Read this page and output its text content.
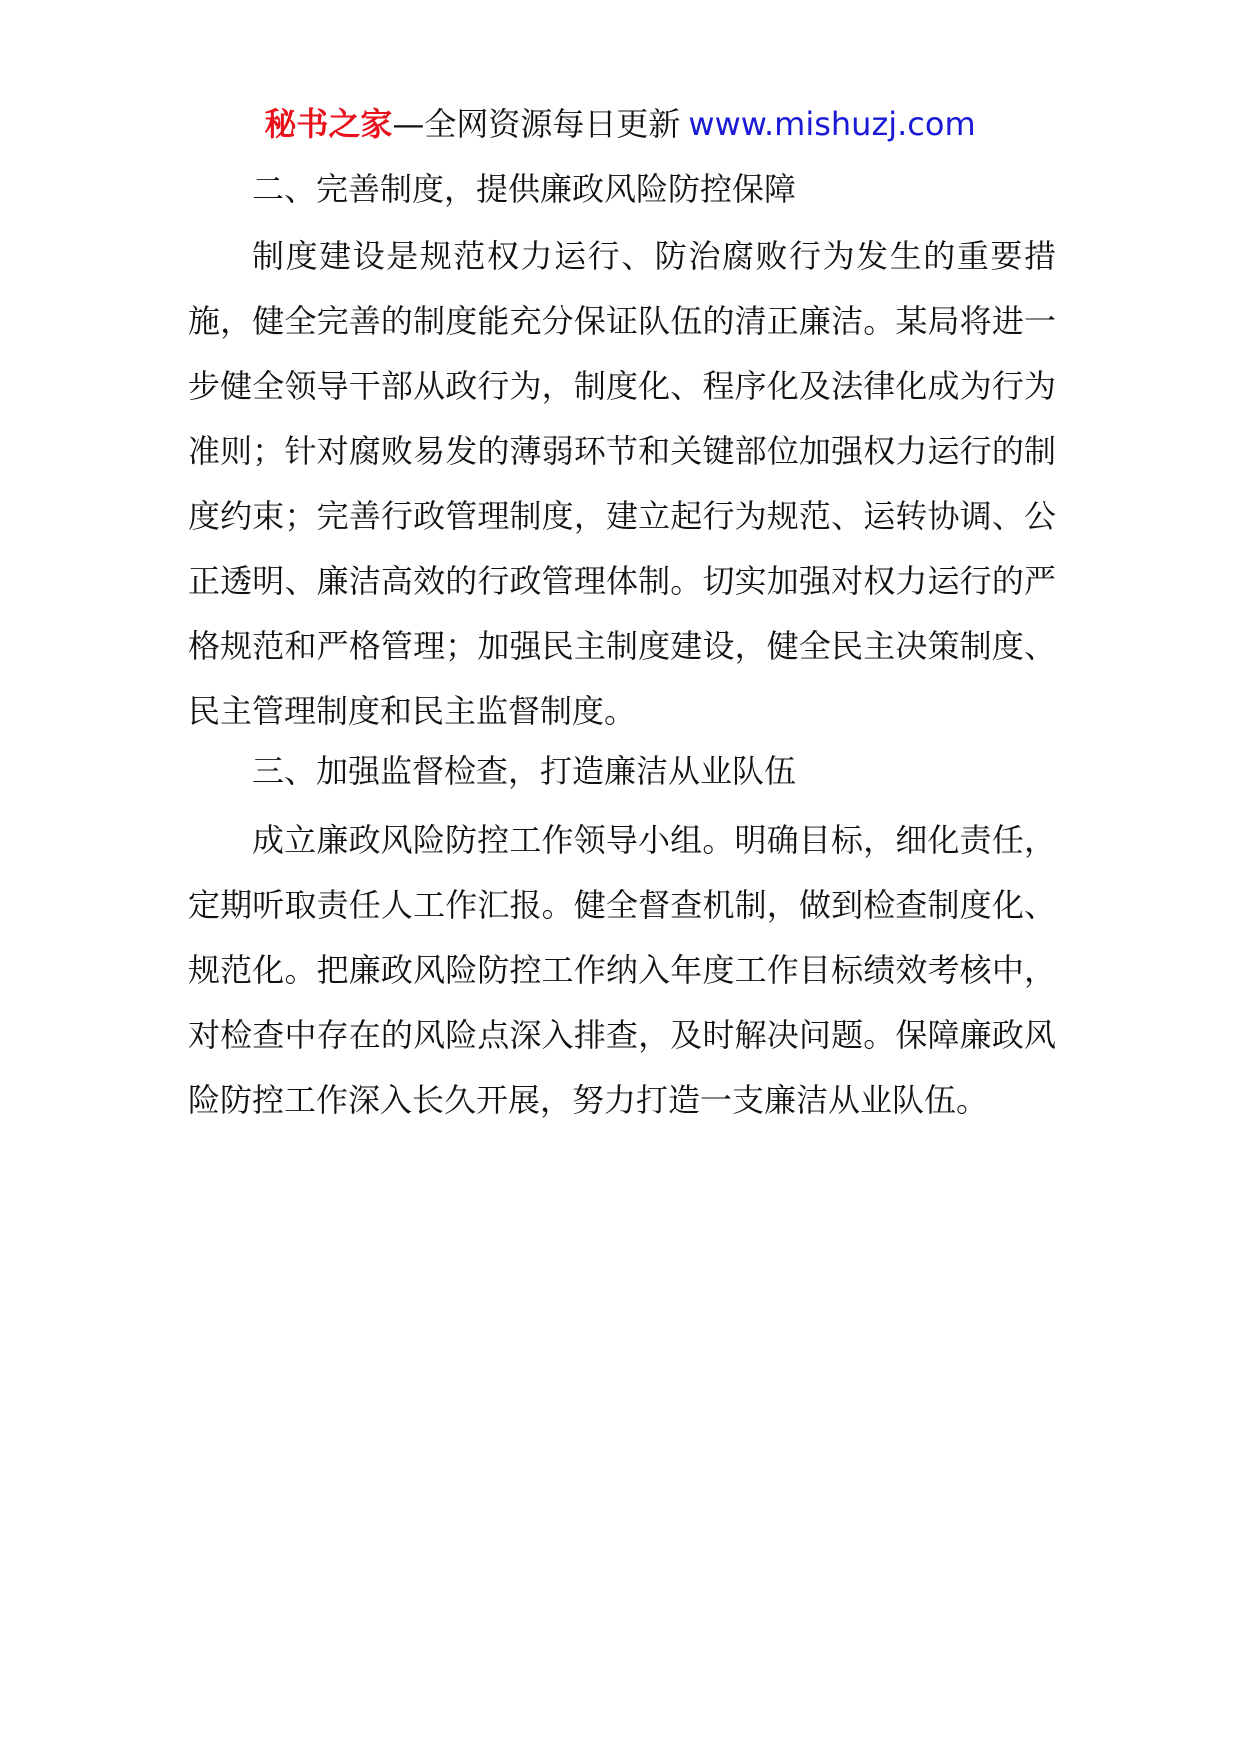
秘书之家—全网资源每日更新 www.mishuzj.com

二、完善制度，提供廉政风险防控保障

制度建设是规范权力运行、防治腐败行为发生的重要措施，健全完善的制度能充分保证队伍的清正廉洁。某局将进一步健全领导干部从政行为，制度化、程序化及法律化成为行为准则；针对腐败易发的薄弱环节和关键部位加强权力运行的制度约束；完善行政管理制度，建立起行为规范、运转协调、公正透明、廉洁高效的行政管理体制。切实加强对权力运行的严格规范和严格管理；加强民主制度建设，健全民主决策制度、民主管理制度和民主监督制度。

三、加强监督检查，打造廉洁从业队伍

成立廉政风险防控工作领导小组。明确目标，细化责任，定期听取责任人工作汇报。健全督查机制，做到检查制度化、规范化。把廉政风险防控工作纳入年度工作目标绩效考核中，对检查中存在的风险点深入排查，及时解决问题。保障廉政风险防控工作深入长久开展，努力打造一支廉洁从业队伍。
